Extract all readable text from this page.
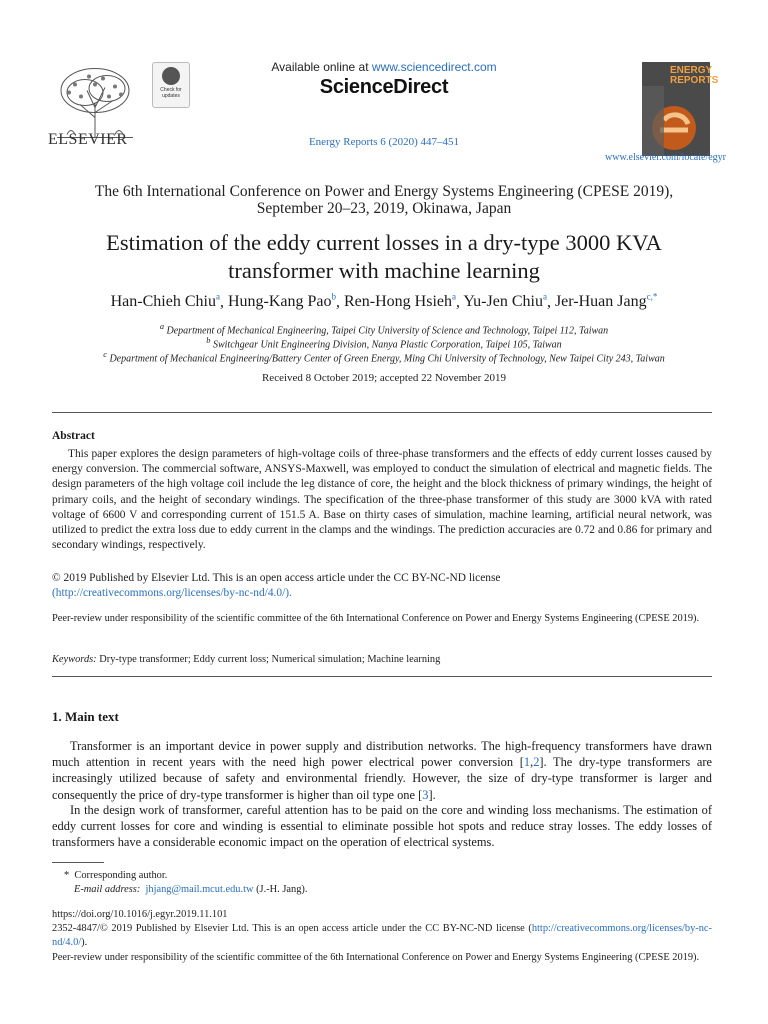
ELSEVIER
Check for updates
Available online at www.sciencedirect.com
ScienceDirect
Energy Reports 6 (2020) 447–451
ENERGY REPORTS
www.elsevier.com/locate/egyr
The 6th International Conference on Power and Energy Systems Engineering (CPESE 2019),
September 20–23, 2019, Okinawa, Japan
Estimation of the eddy current losses in a dry-type 3000 KVA
transformer with machine learning
Han-Chieh Chiu$^a$, Hung-Kang Pao$^b$, Ren-Hong Hsieh$^a$, Yu-Jen Chiu$^a$, Jer-Huan Jang$^{c,*}$
$^a$ Department of Mechanical Engineering, Taipei City University of Science and Technology, Taipei 112, Taiwan
$^b$ Switchgear Unit Engineering Division, Nanya Plastic Corporation, Taipei 105, Taiwan
$^c$ Department of Mechanical Engineering/Battery Center of Green Energy, Ming Chi University of Technology, New Taipei City 243, Taiwan
Received 8 October 2019; accepted 22 November 2019
Abstract
This paper explores the design parameters of high-voltage coils of three-phase transformers and the effects of eddy current losses caused by energy conversion. The commercial software, ANSYS-Maxwell, was employed to conduct the simulation of electrical and magnetic fields. The design parameters of the high voltage coil include the leg distance of core, the height and the block thickness of primary windings, the height of primary coils, and the height of secondary windings. The specification of the three-phase transformer of this study are 3000 kVA with rated voltage of 6600 V and corresponding current of 151.5 A. Base on thirty cases of simulation, machine learning, artificial neural network, was utilized to predict the extra loss due to eddy current in the clamps and the windings. The prediction accuracies are 0.72 and 0.86 for primary and secondary windings, respectively.
© 2019 Published by Elsevier Ltd. This is an open access article under the CC BY-NC-ND license
(http://creativecommons.org/licenses/by-nc-nd/4.0/).
Peer-review under responsibility of the scientific committee of the 6th International Conference on Power and Energy Systems Engineering (CPESE 2019).
Keywords: Dry-type transformer; Eddy current loss; Numerical simulation; Machine learning
1. Main text
Transformer is an important device in power supply and distribution networks. The high-frequency transformers have drawn much attention in recent years with the need high power electrical power conversion [1,2]. The dry-type transformers are increasingly utilized because of safety and environmental friendly. However, the size of dry-type transformer is larger and consequently the price of dry-type transformer is higher than oil type one [3].
In the design work of transformer, careful attention has to be paid on the core and winding loss mechanisms. The estimation of eddy current losses for core and winding is essential to eliminate possible hot spots and reduce stray losses. The eddy losses of transformers have a considerable economic impact on the operation of electrical systems.
* Corresponding author.
E-mail address: jhjang@mail.mcut.edu.tw (J.-H. Jang).
https://doi.org/10.1016/j.egyr.2019.11.101
2352-4847/© 2019 Published by Elsevier Ltd. This is an open access article under the CC BY-NC-ND license (http://creativecommons.org/licenses/by-nc-nd/4.0/).
Peer-review under responsibility of the scientific committee of the 6th International Conference on Power and Energy Systems Engineering (CPESE 2019).
